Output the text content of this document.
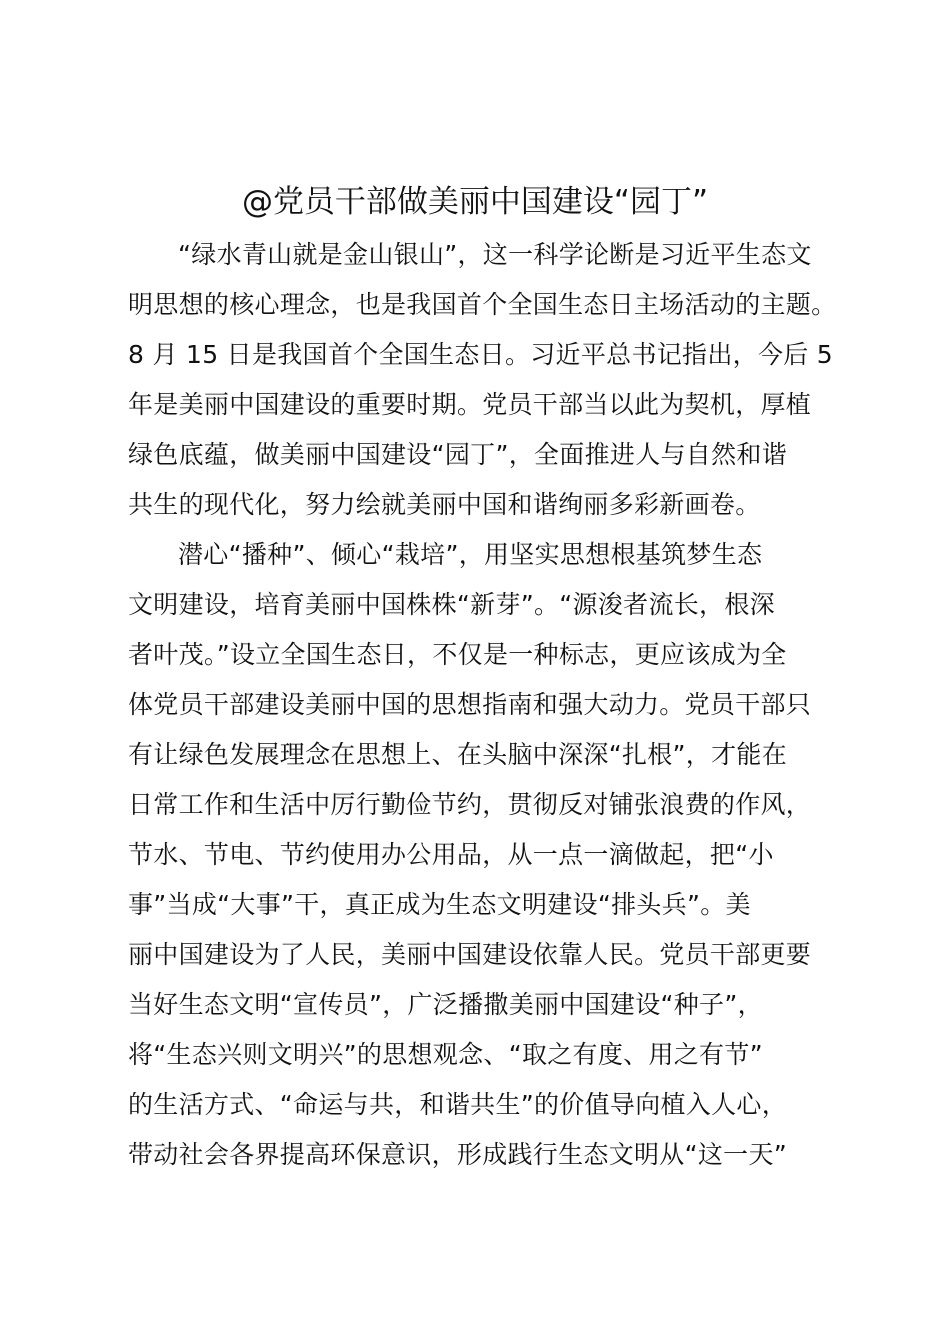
@党员干部做美丽中国建设“园丁”
“绿水青山就是金山银山”，这一科学论断是习近平生态文
明思想的核心理念，也是我国首个全国生态日主场活动的主题。
8 月 15 日是我国首个全国生态日。习近平总书记指出，今后 5
年是美丽中国建设的重要时期。党员干部当以此为契机，厚植
绿色底蕴，做美丽中国建设“园丁”，全面推进人与自然和谐
共生的现代化，努力绘就美丽中国和谐绚丽多彩新画卷。
潜心“播种”、倾心“栽培”，用坚实思想根基筑梦生态
文明建设，培育美丽中国株株“新芽”。“源浚者流长，根深
者叶茂。”设立全国生态日，不仅是一种标志，更应该成为全
体党员干部建设美丽中国的思想指南和强大动力。党员干部只
有让绿色发展理念在思想上、在头脑中深深“扎根”，才能在
日常工作和生活中厉行勤俭节约，贯彻反对铺张浪费的作风，
节水、节电、节约使用办公用品，从一点一滴做起，把“小
事”当成“大事”干，真正成为生态文明建设“排头兵”。美
丽中国建设为了人民，美丽中国建设依靠人民。党员干部更要
当好生态文明“宣传员”，广泛播撒美丽中国建设“种子”，
将“生态兴则文明兴”的思想观念、“取之有度、用之有节”
的生活方式、“命运与共，和谐共生”的价值导向植入人心，
带动社会各界提高环保意识，形成践行生态文明从“这一天”
